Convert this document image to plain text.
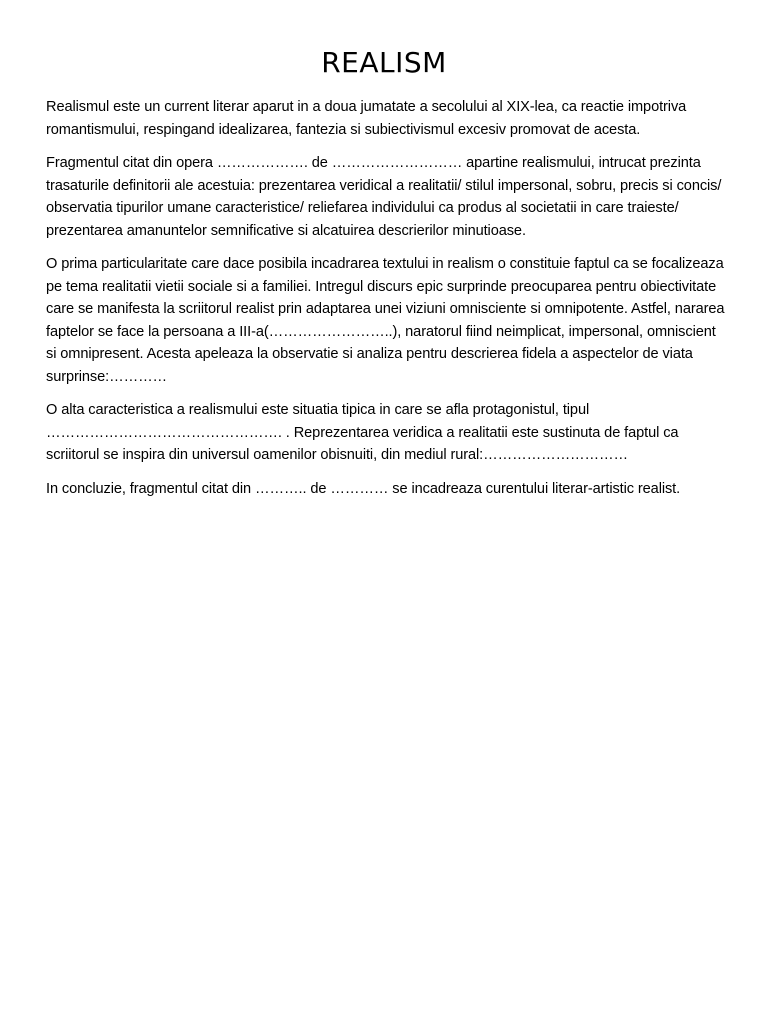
REALISM

Realismul este un current literar aparut in a doua jumatate a secolului al XIX-lea, ca reactie impotriva romantismului, respingand idealizarea, fantezia si subiectivismul excesiv promovat de acesta.

Fragmentul citat din opera ………………. de ……………………… apartine realismului, intrucat prezinta trasaturile definitorii ale acestuia: prezentarea veridical a realitatii/ stilul impersonal, sobru, precis si concis/ observatia tipurilor umane caracteristice/ reliefarea individului ca produs al societatii in care traieste/ prezentarea amanuntelor semnificative si alcatuirea descrierilor minutioase.

O prima particularitate care dace posibila incadrarea textului in realism o constituie faptul ca se focalizeaza pe tema realitatii vietii sociale si a familiei. Intregul discurs epic surprinde preocuparea pentru obiectivitate care se manifesta la scriitorul realist prin adaptarea unei viziuni omnisciente si omnipotente. Astfel, nararea faptelor se face la persoana a III-a(……………………..), naratorul fiind neimplicat, impersonal, omniscient si omnipresent. Acesta apeleaza la observatie si analiza pentru descrierea fidela a aspectelor de viata surprinse:…………

O alta caracteristica a realismului este situatia tipica in care se afla protagonistul, tipul …………………………………………. . Reprezentarea veridica a realitatii este sustinuta de faptul ca scriitorul se inspira din universul oamenilor obisnuiti, din mediul rural:…………………………

In concluzie, fragmentul citat din ……….. de ………… se incadreaza curentului literar-artistic realist.
